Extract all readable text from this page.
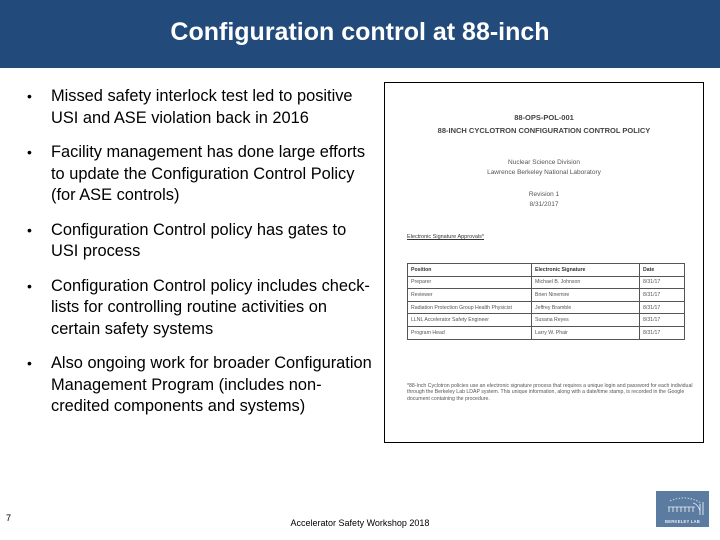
Configuration control at 88-inch
• Missed safety interlock test led to positive USI and ASE violation back in 2016
• Facility management has done large efforts to update the Configuration Control Policy (for ASE controls)
• Configuration Control policy has gates to USI process
• Configuration Control policy includes check-lists for controlling routine activities on certain safety systems
• Also ongoing work for broader Configuration Management Program (includes non-credited components and systems)
88-OPS-POL-001
88-INCH CYCLOTRON CONFIGURATION CONTROL POLICY
Nuclear Science Division
Lawrence Berkeley National Laboratory
Revision 1
8/31/2017
Electronic Signature Approvals*
Position	Electronic Signature	Date
Preparer	Michael B. Johnson	8/31/17
Reviewer	Brien Ninemire	8/31/17
Radiation Protection Group Health Physicist	Jeffrey Bramble	8/31/17
LLNL Accelerator Safety Engineer	Susana Reyes	8/31/17
Program Head	Larry W. Phair	8/31/17
*88-Inch Cyclotron policies use an electronic signature process that requires a unique login and password for each individual through the Berkeley Lab LDAP system. This unique information, along with a date/time stamp, is recorded in the Google document containing the procedure.
7	Accelerator Safety Workshop 2018	BERKELEY LAB
